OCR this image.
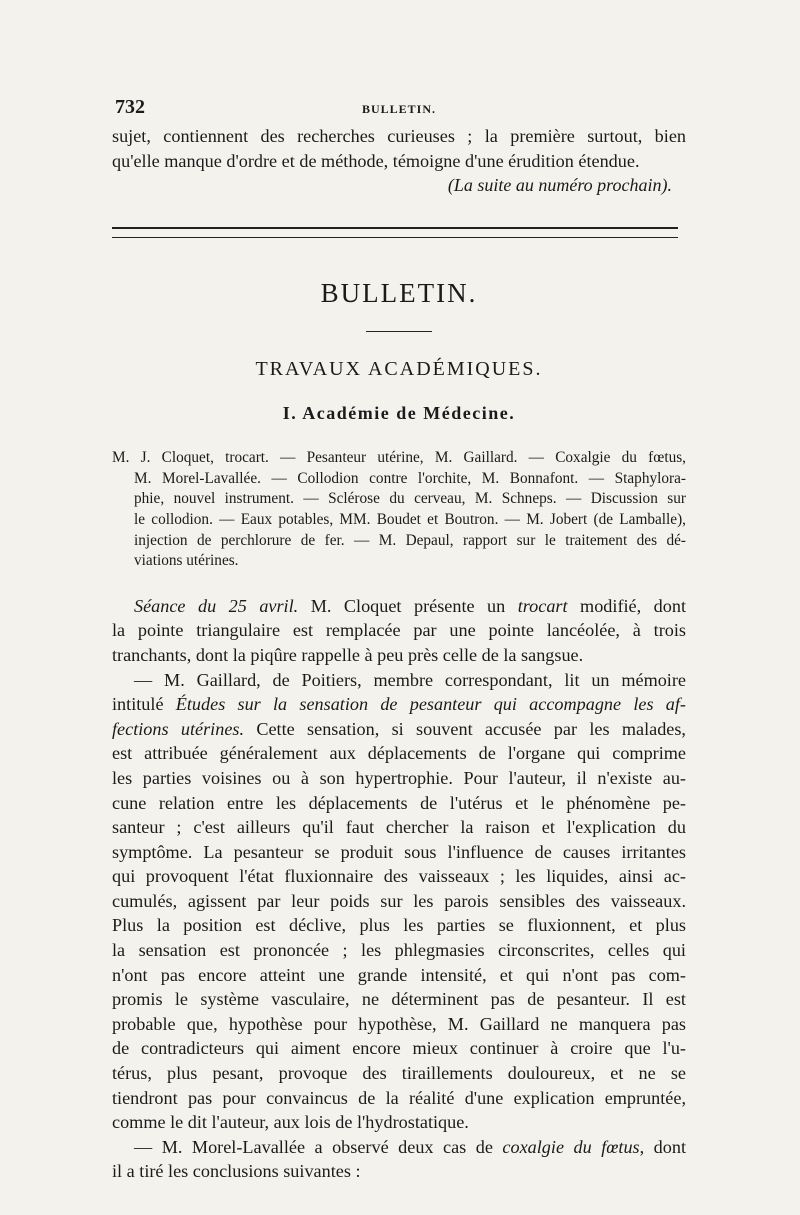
732	BULLETIN.

sujet, contiennent des recherches curieuses ; la première surtout, bien
qu'elle manque d'ordre et de méthode, témoigne d'une érudition étendue.

(La suite au numéro prochain).

BULLETIN.
TRAVAUX ACADÉMIQUES.
I. Académie de Médecine.

M. J. Cloquet, trocart. — Pesanteur utérine, M. Gaillard. — Coxalgie du fœtus,
M. Morel-Lavallée. — Collodion contre l'orchite, M. Bonnafont. — Staphylora-
phie, nouvel instrument. — Sclérose du cerveau, M. Schneps. — Discussion sur
le collodion. — Eaux potables, MM. Boudet et Boutron. — M. Jobert (de Lamballe),
injection de perchlorure de fer. — M. Depaul, rapport sur le traitement des dé-
viations utérines.

Séance du 25 avril. M. Cloquet présente un trocart modifié, dont
la pointe triangulaire est remplacée par une pointe lancéolée, à trois
tranchants, dont la piqûre rappelle à peu près celle de la sangsue.

— M. Gaillard, de Poitiers, membre correspondant, lit un mémoire
intitulé Études sur la sensation de pesanteur qui accompagne les af-
fections utérines. Cette sensation, si souvent accusée par les malades,
est attribuée généralement aux déplacements de l'organe qui comprime
les parties voisines ou à son hypertrophie. Pour l'auteur, il n'existe au-
cune relation entre les déplacements de l'utérus et le phénomène pe-
santeur ; c'est ailleurs qu'il faut chercher la raison et l'explication du
symptôme. La pesanteur se produit sous l'influence de causes irritantes
qui provoquent l'état fluxionnaire des vaisseaux ; les liquides, ainsi ac-
cumulés, agissent par leur poids sur les parois sensibles des vaisseaux.
Plus la position est déclive, plus les parties se fluxionnent, et plus
la sensation est prononcée ; les phlegmasies circonscrites, celles qui
n'ont pas encore atteint une grande intensité, et qui n'ont pas com-
promis le système vasculaire, ne déterminent pas de pesanteur. Il est
probable que, hypothèse pour hypothèse, M. Gaillard ne manquera pas
de contradicteurs qui aiment encore mieux continuer à croire que l'u-
térus, plus pesant, provoque des tiraillements douloureux, et ne se
tiendront pas pour convaincus de la réalité d'une explication empruntée,
comme le dit l'auteur, aux lois de l'hydrostatique.

— M. Morel-Lavallée a observé deux cas de coxalgie du fœtus, dont
il a tiré les conclusions suivantes :
